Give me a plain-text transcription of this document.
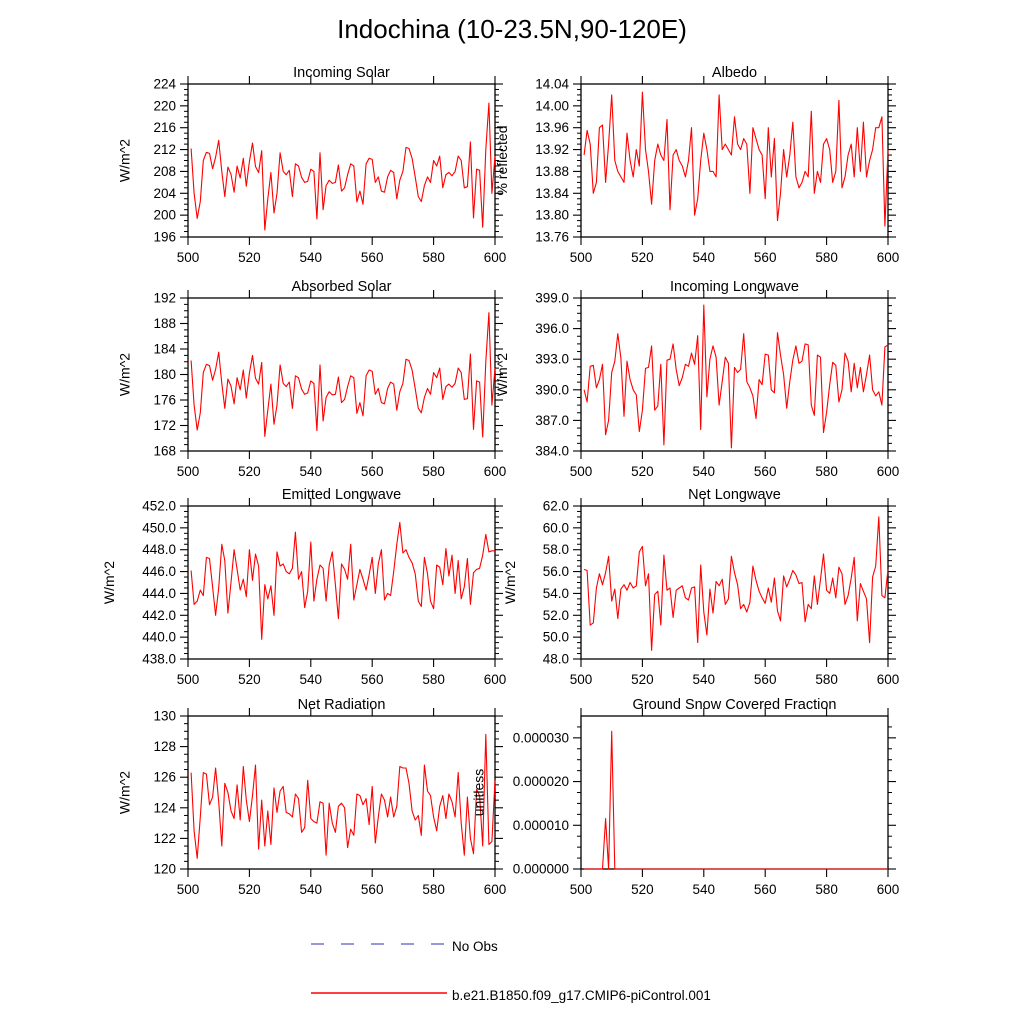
Indochina (10-23.5N,90-120E)
500	520	540	560	580	600
196
200
204
208
212
216
220
224
Incoming Solar
W/m^2
500	520	540	560	580	600
13.76
13.80
13.84
13.88
13.92
13.96
14.00
14.04
Albedo
% reflected
500	520	540	560	580	600
168
172
176
180
184
188
192
Absorbed Solar
W/m^2
500	520	540	560	580	600
384.0
387.0
390.0
393.0
396.0
399.0
Incoming Longwave
W/m^2
500	520	540	560	580	600
438.0
440.0
442.0
444.0
446.0
448.0
450.0
452.0
Emitted Longwave
W/m^2
500	520	540	560	580	600
48.0
50.0
52.0
54.0
56.0
58.0
60.0
62.0
Net Longwave
W/m^2
500	520	540	560	580	600
120
122
124
126
128
130
Net Radiation
W/m^2
500	520	540	560	580	600
0.000000
0.000010
0.000020
0.000030
Ground Snow Covered Fraction
unitless
No Obs
b.e21.B1850.f09_g17.CMIP6-piControl.001
